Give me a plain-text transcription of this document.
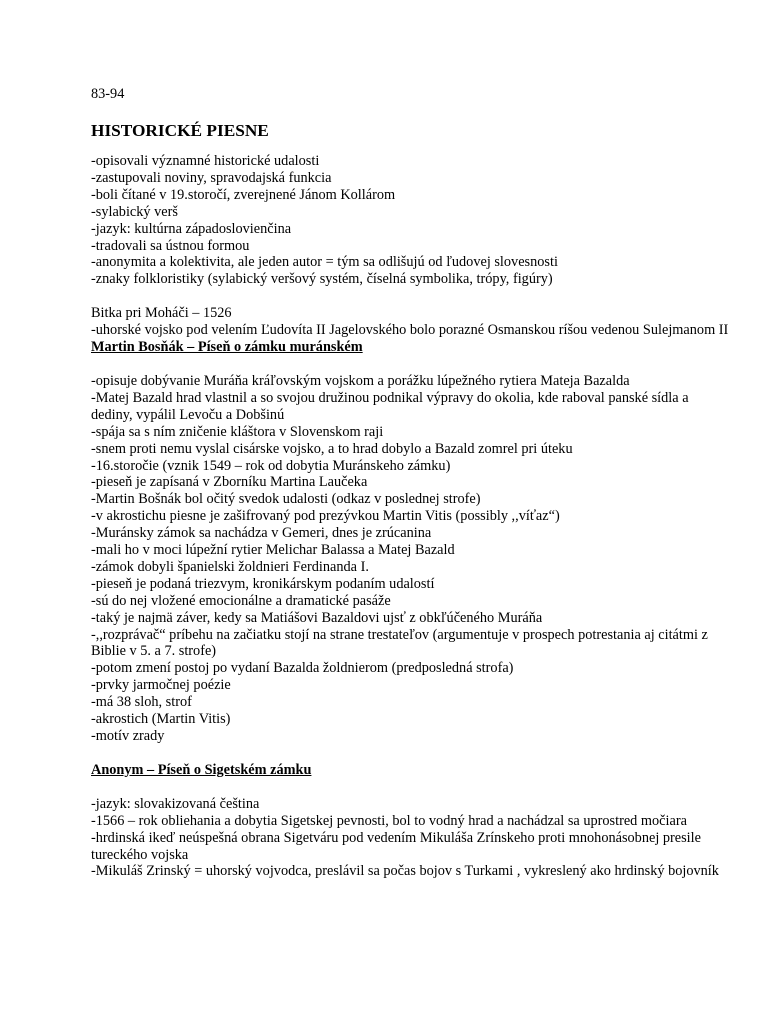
83-94

HISTORICKÉ PIESNE

-opisovali významné historické udalosti

-zastupovali noviny, spravodajská funkcia

-boli čítané v 19.storočí, zverejnené Jánom Kollárom

-sylabický verš

-jazyk: kultúrna západoslovienčina

-tradovali sa ústnou formou

-anonymita a kolektivita, ale jeden autor = tým sa odlišujú od ľudovej slovesnosti

-znaky folkloristiky (sylabický veršový systém, číselná symbolika, trópy, figúry)

Bitka pri Moháči – 1526

-uhorské vojsko pod velením Ľudovíta II Jagelovského bolo porazné Osmanskou ríšou vedenou Sulejmanom II

Martin Bosňák – Píseň o zámku muránském

-opisuje dobývanie Muráňa kráľovským vojskom a porážku lúpežného rytiera Mateja Bazalda

-Matej Bazald hrad vlastnil a so svojou družinou podnikal výpravy do okolia, kde raboval panské sídla a dediny, vypálil Levoču a Dobšinú

-spája sa s ním zničenie kláštora v Slovenskom raji

-snem proti nemu vyslal cisárske vojsko, a to hrad dobylo a Bazald zomrel pri úteku

-16.storočie (vznik 1549 – rok od dobytia Muránskeho zámku)

-pieseň je zapísaná v Zborníku Martina Laučeka

-Martin Bošnák bol očitý svedok udalosti (odkaz v poslednej strofe)

-v akrostichu piesne je zašifrovaný pod prezývkou Martin Vitis (possibly ,,víťaz“)

-Muránsky zámok sa nachádza v Gemeri, dnes je zrúcanina

-mali ho v moci lúpežní rytier Melichar Balassa a Matej Bazald

-zámok dobyli španielski žoldnieri Ferdinanda I.

-pieseň je podaná triezvym, kronikárskym podaním udalostí

-sú do nej vložené emocionálne a dramatické pasáže

-taký je najmä záver, kedy sa Matiášovi Bazaldovi ujsť z obkľúčeného Muráňa

-,,rozprávač“ príbehu na začiatku stojí na strane trestateľov (argumentuje v prospech potrestania aj citátmi z Biblie v 5. a 7. strofe)

-potom zmení postoj po vydaní Bazalda žoldnierom (predposledná strofa)

-prvky jarmočnej poézie

-má 38 sloh, strof

-akrostich (Martin Vitis)

-motív zrady

Anonym – Píseň o Sigetském zámku

-jazyk: slovakizovaná čeština

-1566 – rok obliehania a dobytia Sigetskej pevnosti, bol to vodný hrad a nachádzal sa uprostred močiara

-hrdinská ikeď neúspešná obrana Sigetváru pod vedením Mikuláša Zrínskeho proti mnohonásobnej presile tureckého vojska

-Mikuláš Zrinský = uhorský vojvodca, preslávil sa počas bojov s Turkami , vykreslený ako hrdinský bojovník
